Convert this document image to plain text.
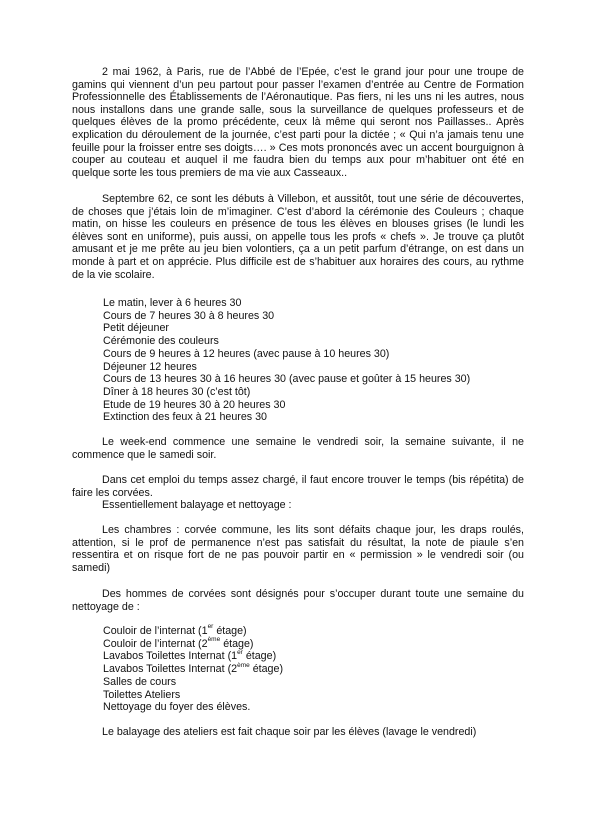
2 mai 1962, à Paris, rue de l’Abbé de l’Epée, c’est le grand jour pour une troupe de gamins qui viennent d’un peu partout pour passer l’examen d’entrée au Centre de Formation Professionnelle des Établissements de l’Aéronautique. Pas fiers, ni les uns ni les autres, nous nous installons dans une grande salle, sous la surveillance de quelques professeurs et de quelques élèves de la promo précédente, ceux là même qui seront nos Paillasses.. Après explication du déroulement de la journée, c’est parti pour la dictée ; « Qui n’a jamais tenu une feuille pour la froisser entre ses doigts…. » Ces mots prononcés avec un accent bourguignon à couper au couteau et auquel il me faudra bien du temps aux pour m’habituer ont été en quelque sorte les tous premiers de ma vie aux Casseaux..

Septembre 62, ce sont les débuts à Villebon, et aussitôt, tout une série de découvertes, de choses que j’étais loin de m’imaginer. C’est d’abord la cérémonie des Couleurs ; chaque matin, on hisse les couleurs en présence de tous les élèves en blouses grises (le lundi les élèves sont en uniforme), puis aussi, on appelle tous les profs « chefs ». Je trouve ça plutôt amusant et je me prête au jeu bien volontiers, ça a un petit parfum d’étrange, on est dans un monde à part et on apprécie. Plus difficile est de s’habituer aux horaires des cours, au rythme de la vie scolaire.

Le matin, lever à 6 heures 30
Cours de 7 heures 30 à 8 heures 30
Petit déjeuner
Cérémonie des couleurs
Cours de 9 heures à 12 heures (avec pause à 10 heures 30)
Déjeuner 12 heures
Cours de 13 heures 30 à 16 heures 30 (avec pause et goûter à 15 heures 30)
Dîner à 18 heures 30 (c’est tôt)
Etude de 19 heures 30 à 20 heures 30
Extinction des feux à 21 heures 30

Le week-end commence une semaine le vendredi soir, la semaine suivante, il ne commence que le samedi soir.

Dans cet emploi du temps assez chargé, il faut encore trouver le temps (bis répétita) de faire les corvées.

Essentiellement balayage et nettoyage :

Les chambres : corvée commune, les lits sont défaits chaque jour, les draps roulés, attention, si le prof de permanence n’est pas satisfait du résultat, la note de piaule s’en ressentira et on risque fort de ne pas pouvoir partir en « permission » le vendredi soir (ou samedi)

Des hommes de corvées sont désignés pour s’occuper durant toute une semaine du nettoyage de :

Couloir de l’internat (1er étage)
Couloir de l’internat (2ème étage)
Lavabos Toilettes Internat (1er étage)
Lavabos Toilettes Internat (2ème étage)
Salles de cours
Toilettes Ateliers
Nettoyage du foyer des élèves.

Le balayage des ateliers est fait chaque soir par les élèves (lavage le vendredi)
